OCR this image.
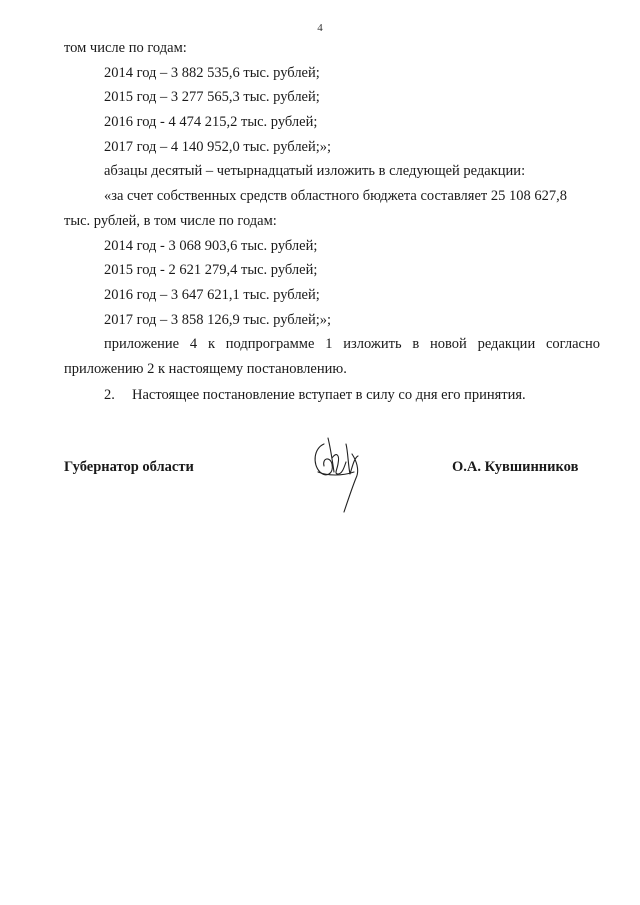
4
том числе по годам:
2014 год – 3 882 535,6 тыс. рублей;
2015 год – 3 277 565,3 тыс. рублей;
2016 год - 4 474 215,2 тыс. рублей;
2017 год – 4 140 952,0 тыс. рублей;»;
абзацы десятый – четырнадцатый изложить в следующей редакции:
«за счет собственных средств областного бюджета составляет 25 108 627,8
тыс. рублей, в том числе по годам:
2014 год - 3 068 903,6 тыс. рублей;
2015 год - 2 621 279,4 тыс. рублей;
2016 год – 3 647 621,1 тыс. рублей;
2017 год – 3 858 126,9 тыс. рублей;»;
приложение 4 к подпрограмме 1 изложить в новой редакции согласно
приложению 2 к настоящему постановлению.
2. Настоящее постановление вступает в силу со дня его принятия.
Губернатор области	О.А. Кувшинников
